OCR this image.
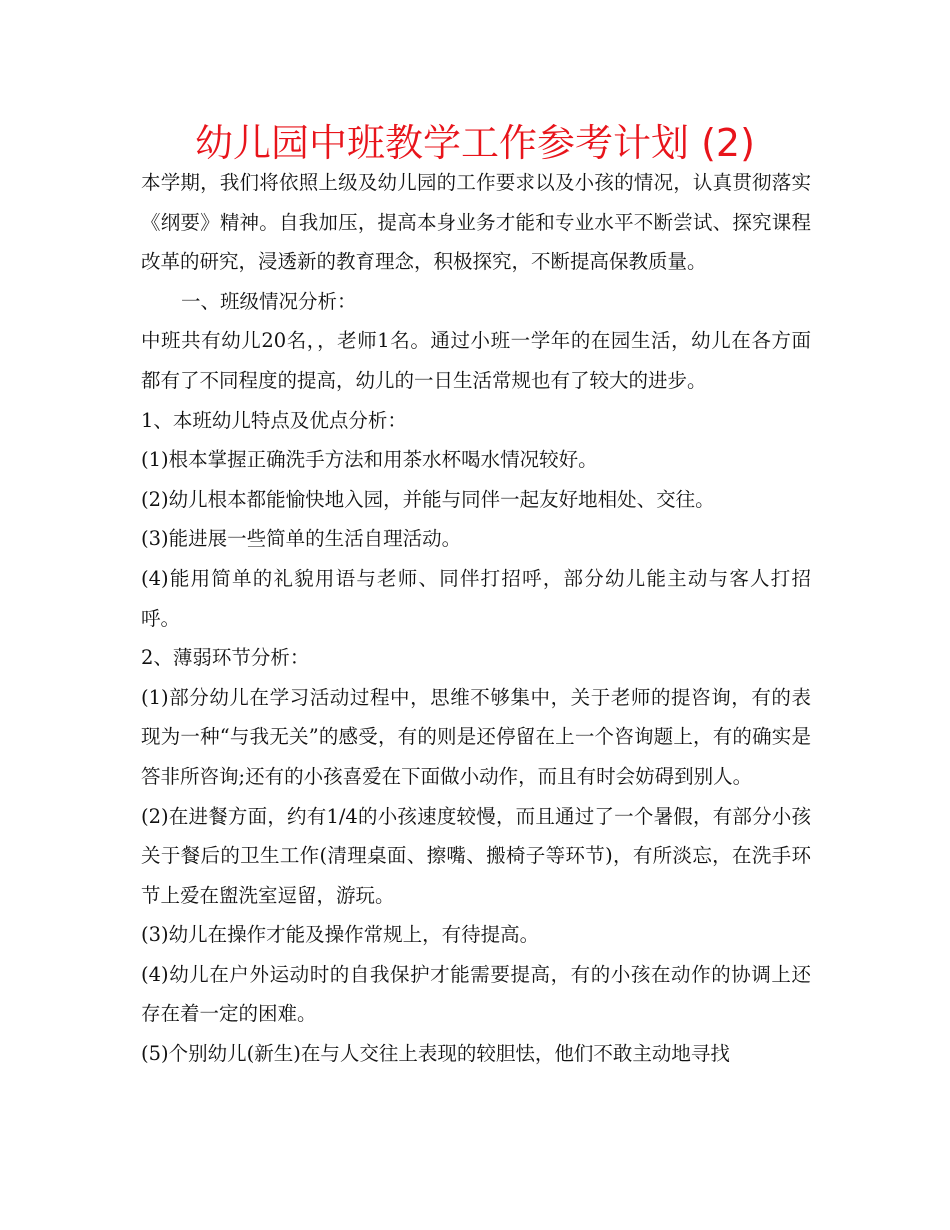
幼儿园中班教学工作参考计划 (2)

本学期，我们将依照上级及幼儿园的工作要求以及小孩的情况，认真贯彻落实《纲要》精神。自我加压，提高本身业务才能和专业水平不断尝试、探究课程改革的研究，浸透新的教育理念，积极探究，不断提高保教质量。

一、班级情况分析：

中班共有幼儿20名，，老师1名。通过小班一学年的在园生活，幼儿在各方面都有了不同程度的提高，幼儿的一日生活常规也有了较大的进步。

1、本班幼儿特点及优点分析：

(1)根本掌握正确洗手方法和用茶水杯喝水情况较好。

(2)幼儿根本都能愉快地入园，并能与同伴一起友好地相处、交往。

(3)能进展一些简单的生活自理活动。

(4)能用简单的礼貌用语与老师、同伴打招呼，部分幼儿能主动与客人打招呼。

2、薄弱环节分析：

(1)部分幼儿在学习活动过程中，思维不够集中，关于老师的提咨询，有的表现为一种“与我无关”的感受，有的则是还停留在上一个咨询题上，有的确实是答非所咨询;还有的小孩喜爱在下面做小动作，而且有时会妨碍到别人。

(2)在进餐方面，约有1/4的小孩速度较慢，而且通过了一个暑假，有部分小孩关于餐后的卫生工作(清理桌面、擦嘴、搬椅子等环节)，有所淡忘，在洗手环节上爱在盥洗室逗留，游玩。

(3)幼儿在操作才能及操作常规上，有待提高。

(4)幼儿在户外运动时的自我保护才能需要提高，有的小孩在动作的协调上还存在着一定的困难。

(5)个别幼儿(新生)在与人交往上表现的较胆怯，他们不敢主动地寻找
